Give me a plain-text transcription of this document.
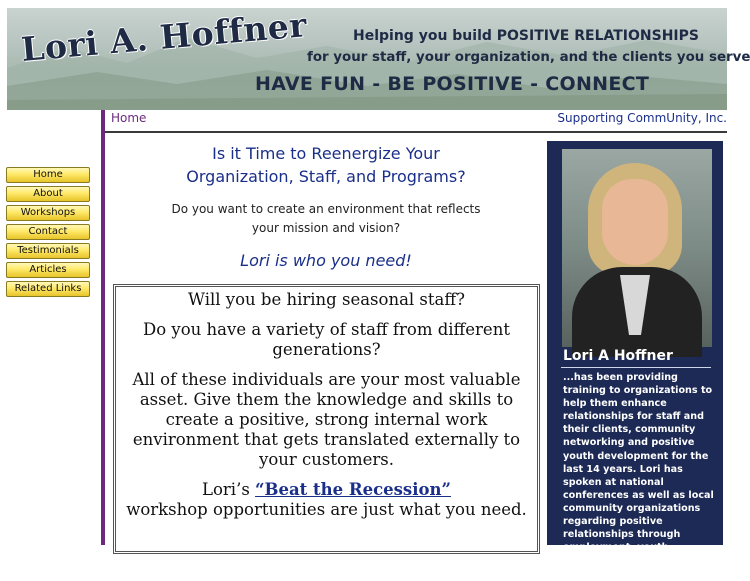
Lori A. Hoffner	Helping you build POSITIVE RELATIONSHIPS
for your staff, your organization, and the clients you serve
HAVE FUN - BE POSITIVE - CONNECT
Home
About
Workshops
Contact
Testimonials
Articles
Related Links
Home	Supporting CommUnity, Inc.
Is it Time to Reenergize Your
Organization, Staff, and Programs?
Do you want to create an environment that reflects
your mission and vision?
Lori is who you need!

Will you be hiring seasonal staff?

Do you have a variety of staff from different generations?

All of these individuals are your most valuable asset. Give them the knowledge and skills to create a positive, strong internal work environment that gets translated externally to your customers.

Lori’s “Beat the Recession”
workshop opportunities are just what you need.

Lori A Hoffner
...has been providing training to organizations to help them enhance relationships for staff and their clients, community networking and positive youth development for the last 14 years. Lori has spoken at national conferences as well as local community organizations regarding positive relationships through employment, youth development, and community
